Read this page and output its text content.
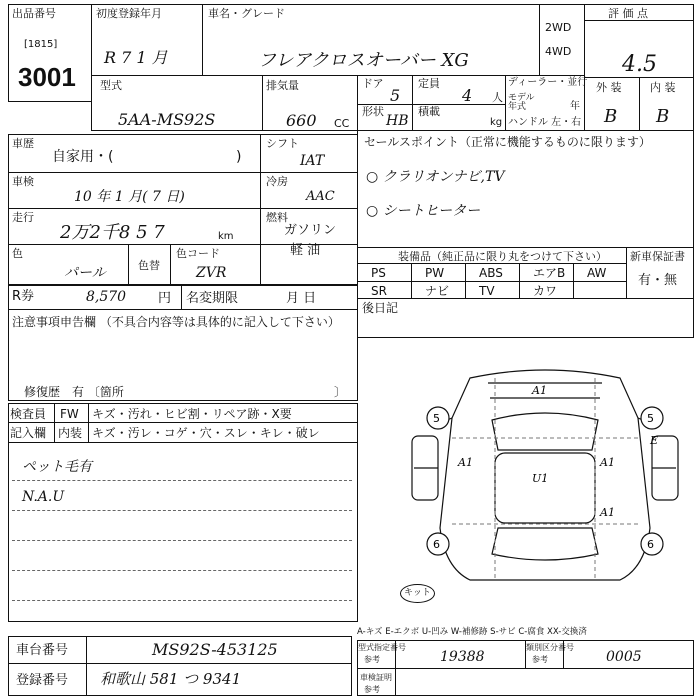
出品番号
[1815]
3001
初度登録年月
R 7 1 月
車名・グレード
フレアクロスオーバー XG
2WD
4WD
評 価 点
4.5
型式
5AA-MS92S
排気量
660 CC
ドア
5
定員
4 人
形状
HB
積載
kg
ディーラー・並行
モデル年式	年
ハンドル 左・右
外 装	内 装
B B
車歴
自家用・(	)
車検
10 年 1 月( 7 日)
走行
2万2千8 5 7	km
色
パール	色替
色コード
ZVR
シフト
IAT
冷房
AAC
燃料
ガソリン
軽 油
R券	8,570 円 名変期限	月 日
注意事項申告欄 （不具合内容等は具体的に記入して下さい）
修復歴　有 〔箇所	〕
セールスポイント（正常に機能するものに限ります）
○ クラリオンナビ,TV
○ シートヒーター
装備品（純正品に限り丸をつけて下さい）
PS	PW	ABS	エアB AW
SR	ナビ TV	カワ
新車保証書
有・無
後日記
検査員
記入欄
FW キズ・汚れ・ヒビ割・リペア跡・X要
内装 キズ・汚レ・コゲ・穴・スレ・キレ・破レ
ペット毛有
N.A.U
5	5
6	6
A1
A1
U1
A1
A1
E
キット
A-キズ E-エクボ U-凹み W-補修跡 S-サビ C-腐食 XX-交換済
車台番号	MS92S-453125
登録番号 和歌山 581 つ 9341
型式指定番号
参考	19388
類別区分番号
参考	0005
車検証明
参考
